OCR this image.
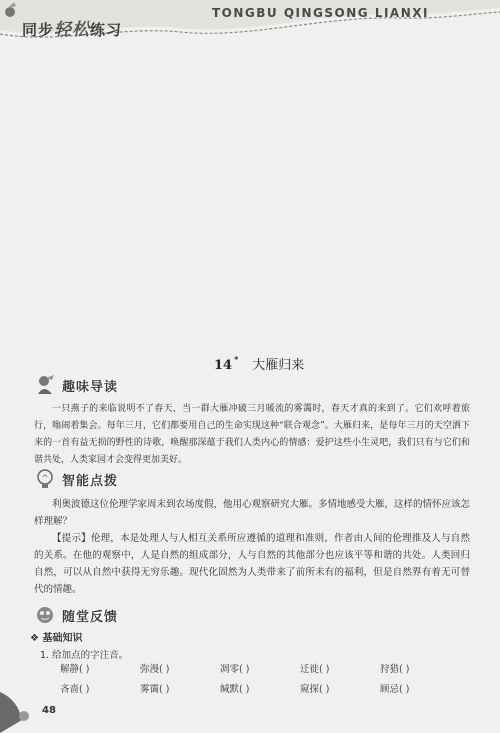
同步轻松练习
TONGBU QINGSONG LIANXI
14 * 大雁归来
趣味导读

一只燕子的来临说明不了春天，当一群大雁冲破三月暖流的雾霭时，春天才真的来到了。它们欢呼着旅行，嗡闹着集会。每年三月，它们都要用自己的生命实现这种“联合观念”。大雁归来，是每年三月的天空洒下来的一首有益无损的野性的诗歌，唤醒那深蕴于我们人类内心的情感：爱护这些小生灵吧，我们只有与它们和谐共处，人类家园才会变得更加美好。

智能点拨

利奥波德这位伦理学家周末到农场度假，他用心观察研究大雁。多情地感受大雁，这样的情怀应该怎样理解？

【提示】伦理，本是处理人与人相互关系所应遵循的道理和准则，作者由人间的伦理推及人与自然的关系。在他的观察中，人是自然的组成部分，人与自然的其他部分也应该平等和谐的共处。人类回归自然，可以从自然中获得无穷乐趣。现代化固然为人类带来了前所未有的福利，但是自然界有着无可替代的情趣。

随堂反馈
❖ 基础知识
1. 给加点的字注音。
解静( )	弥漫( )	凋零( )	迁徙( )	狩猎( )
吝啬( )	雾霭( )	缄默( )	窥探( )	顾忌( )
48
